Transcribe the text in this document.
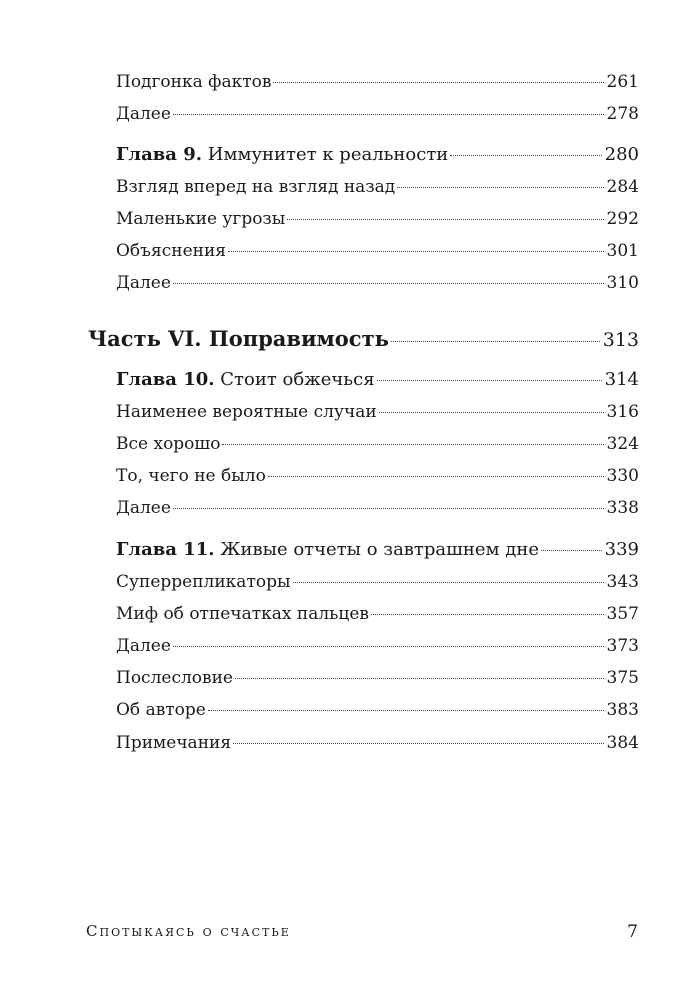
Подгонка фактов	261
Далее	278
Глава 9. Иммунитет к реальности	280
Взгляд вперед на взгляд назад	284
Маленькие угрозы	292
Объяснения	301
Далее	310
Часть VI. Поправимость	313
Глава 10. Стоит обжечься	314
Наименее вероятные случаи	316
Все хорошо	324
То, чего не было	330
Далее	338
Глава 11. Живые отчеты о завтрашнем дне	339
Суперрепликаторы	343
Миф об отпечатках пальцев	357
Далее	373
Послесловие	375
Об авторе	383
Примечания	384
Спотыкаясь о счастье	7
